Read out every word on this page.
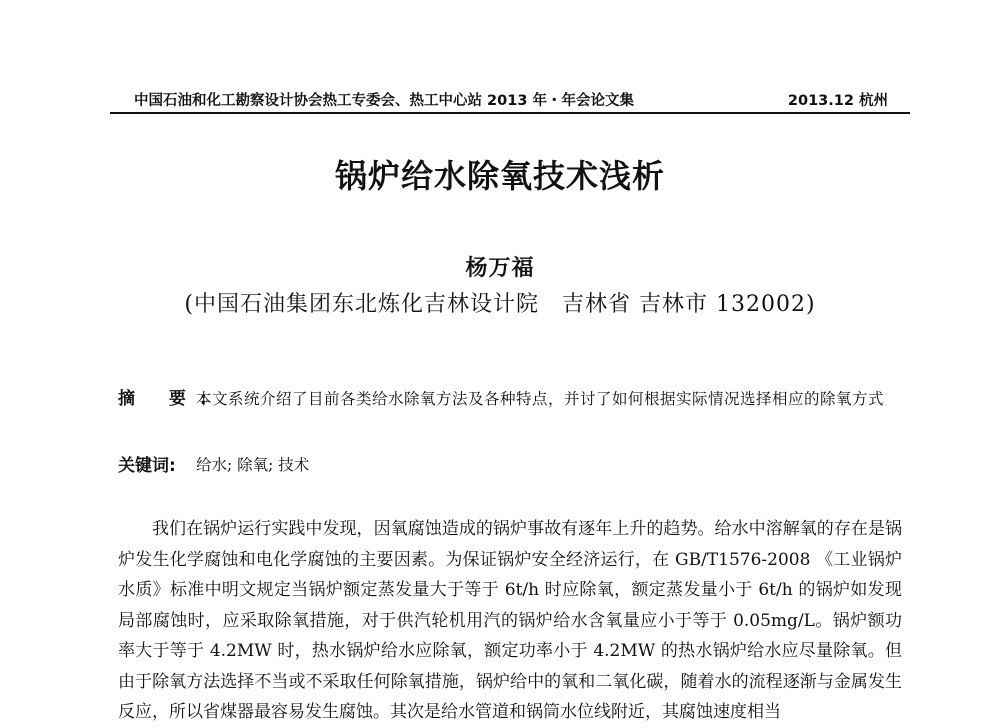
中国石油和化工勘察设计协会热工专委会、热工中心站 2013 年・年会论文集	2013.12 杭州
锅炉给水除氧技术浅析
杨万福
(中国石油集团东北炼化吉林设计院　吉林省 吉林市 132002)
摘 要:
本文系统介绍了目前各类给水除氧方法及各种特点，并讨了如何根据实际情况选择相应的除氧方式
关键词: 给水; 除氧; 技术
我们在锅炉运行实践中发现，因氧腐蚀造成的锅炉事故有逐年上升的趋势。给水中溶解氧的存在是锅炉发生化学腐蚀和电化学腐蚀的主要因素。为保证锅炉安全经济运行，在 GB/T1576-2008 《工业锅炉水质》标准中明文规定当锅炉额定蒸发量大于等于 6t/h 时应除氧，额定蒸发量小于 6t/h 的锅炉如发现局部腐蚀时，应采取除氧措施，对于供汽轮机用汽的锅炉给水含氧量应小于等于 0.05mg/L。锅炉额功率大于等于 4.2MW 时，热水锅炉给水应除氧，额定功率小于 4.2MW 的热水锅炉给水应尽量除氧。但由于除氧方法选择不当或不采取任何除氧措施，锅炉给中的氧和二氧化碳，随着水的流程逐渐与金属发生反应，所以省煤器最容易发生腐蚀。其次是给水管道和锅筒水位线附近，其腐蚀速度相当
